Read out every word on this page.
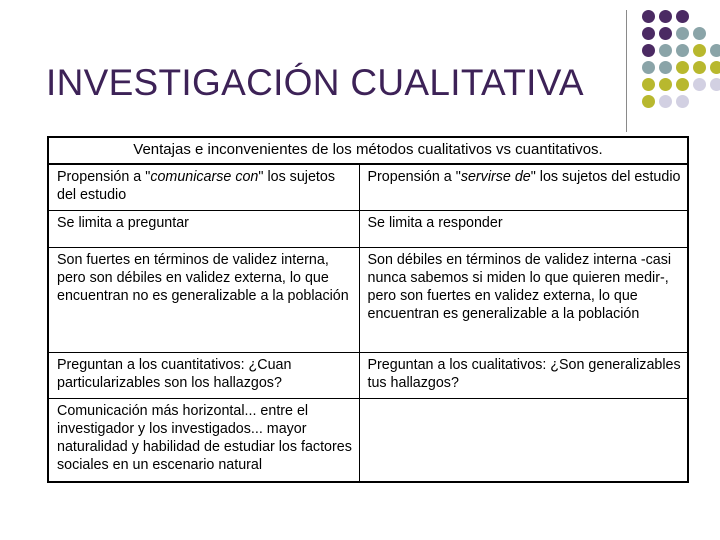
INVESTIGACIÓN CUALITATIVA
Ventajas e inconvenientes de los métodos cualitativos vs cuantitativos.	
Propensión a "comunicarse con" los sujetos del estudio	Propensión a "servirse de" los sujetos del estudio
Se limita a preguntar	Se limita a responder
Son fuertes en términos de validez interna, pero son débiles en validez externa, lo que encuentran no es generalizable a la población	Son débiles en términos de validez interna -casi nunca sabemos si miden lo que quieren medir-, pero son fuertes en validez externa, lo que encuentran es generalizable a la población
Preguntan a los cuantitativos: ¿Cuan particularizables son los hallazgos?	Preguntan a los cualitativos: ¿Son generalizables tus hallazgos?
Comunicación más horizontal... entre el investigador y los investigados... mayor naturalidad y habilidad de estudiar los factores sociales en un escenario natural	
